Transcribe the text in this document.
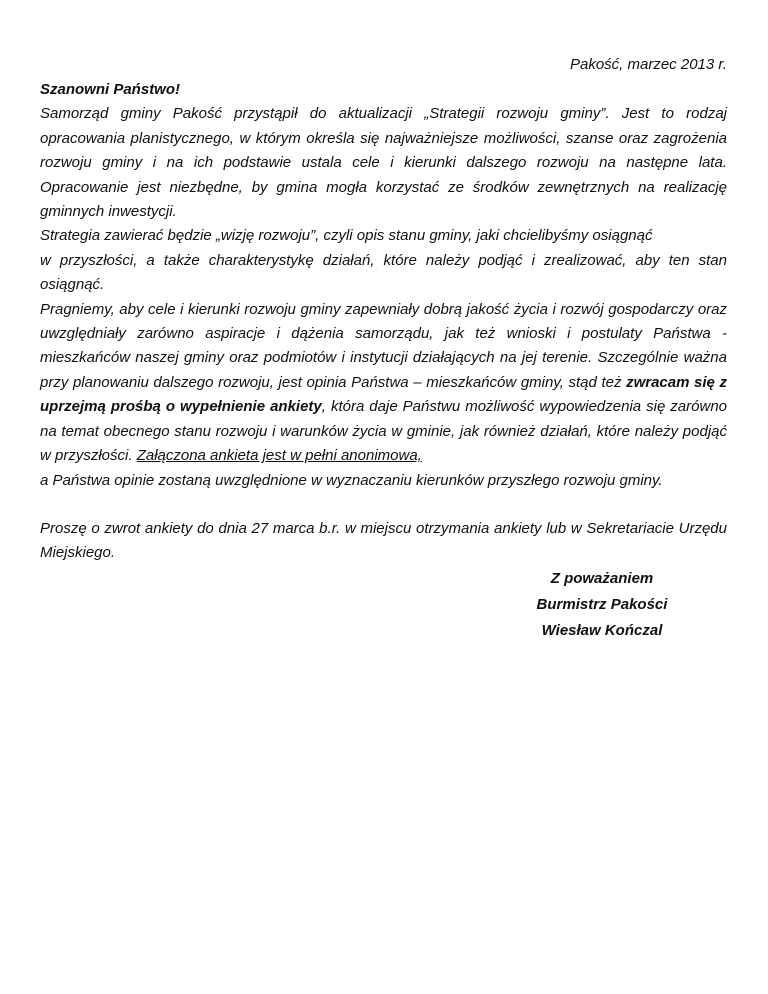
Pakość, marzec 2013 r.

Szanowni Państwo!

Samorząd gminy Pakość przystąpił do aktualizacji „Strategii rozwoju gminy”. Jest to rodzaj opracowania planistycznego, w którym określa się najważniejsze możliwości, szanse oraz zagrożenia rozwoju gminy i na ich podstawie ustala cele i kierunki dalszego rozwoju na następne lata. Opracowanie jest niezbędne, by gmina mogła korzystać ze środków zewnętrznych na realizację gminnych inwestycji.

Strategia zawierać będzie „wizję rozwoju”, czyli opis stanu gminy, jaki chcielibyśmy osiągnąć

w przyszłości, a także charakterystykę działań, które należy podjąć i zrealizować, aby ten stan osiągnąć.

Pragniemy, aby cele i kierunki rozwoju gminy zapewniały dobrą jakość życia i rozwój gospodarczy oraz uwzględniały zarówno aspiracje i dążenia samorządu, jak też wnioski i postulaty Państwa - mieszkańców naszej gminy oraz podmiotów i instytucji działających na jej terenie. Szczególnie ważna przy planowaniu dalszego rozwoju, jest opinia Państwa – mieszkańców gminy, stąd też zwracam się z uprzejmą prośbą o wypełnienie ankiety, która daje Państwu możliwość wypowiedzenia się zarówno na temat obecnego stanu rozwoju i warunków życia w gminie, jak również działań, które należy podjąć w przyszłości. Załączona ankieta jest w pełni anonimowa,

a Państwa opinie zostaną uwzględnione w wyznaczaniu kierunków przyszłego rozwoju gminy.

Proszę o zwrot ankiety do dnia 27 marca b.r. w miejscu otrzymania ankiety lub w Sekretariacie Urzędu Miejskiego.

Z poważaniem
Burmistrz Pakości
Wiesław Kończal
